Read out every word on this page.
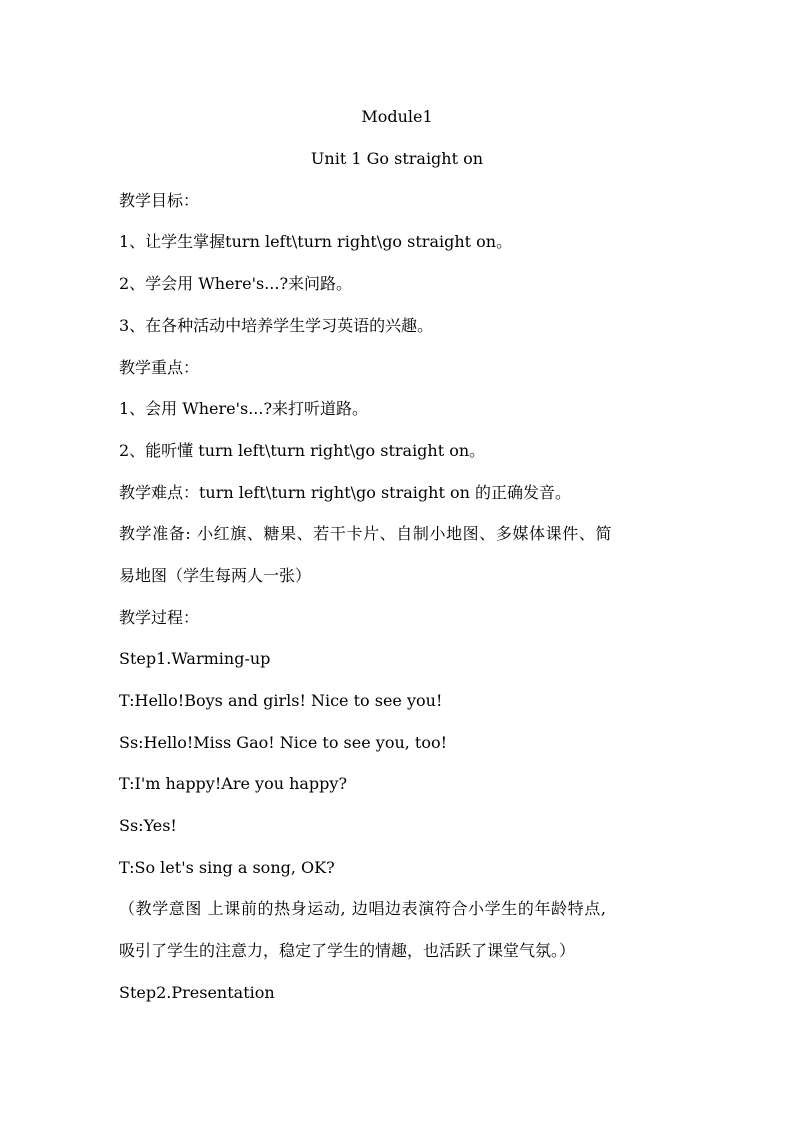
Module1
Unit 1 Go straight on
教学目标：
1、让学生掌握turn left\turn right\go straight on。
2、学会用 Where's...?来问路。
3、在各种活动中培养学生学习英语的兴趣。
教学重点：
1、会用 Where's...?来打听道路。
2、能听懂 turn left\turn right\go straight on。
教学难点：turn left\turn right\go straight on 的正确发音。
教学准备: 小红旗、糖果、若干卡片、自制小地图、多媒体课件、简
易地图（学生每两人一张）
教学过程：
Step1.Warming-up
T:Hello!Boys and girls! Nice to see you!
Ss:Hello!Miss Gao! Nice to see you, too!
T:I'm happy!Are you happy?
Ss:Yes!
T:So let's sing a song, OK?
（教学意图 上课前的热身运动, 边唱边表演符合小学生的年龄特点,
吸引了学生的注意力，稳定了学生的情趣，也活跃了课堂气氛。）
Step2.Presentation
